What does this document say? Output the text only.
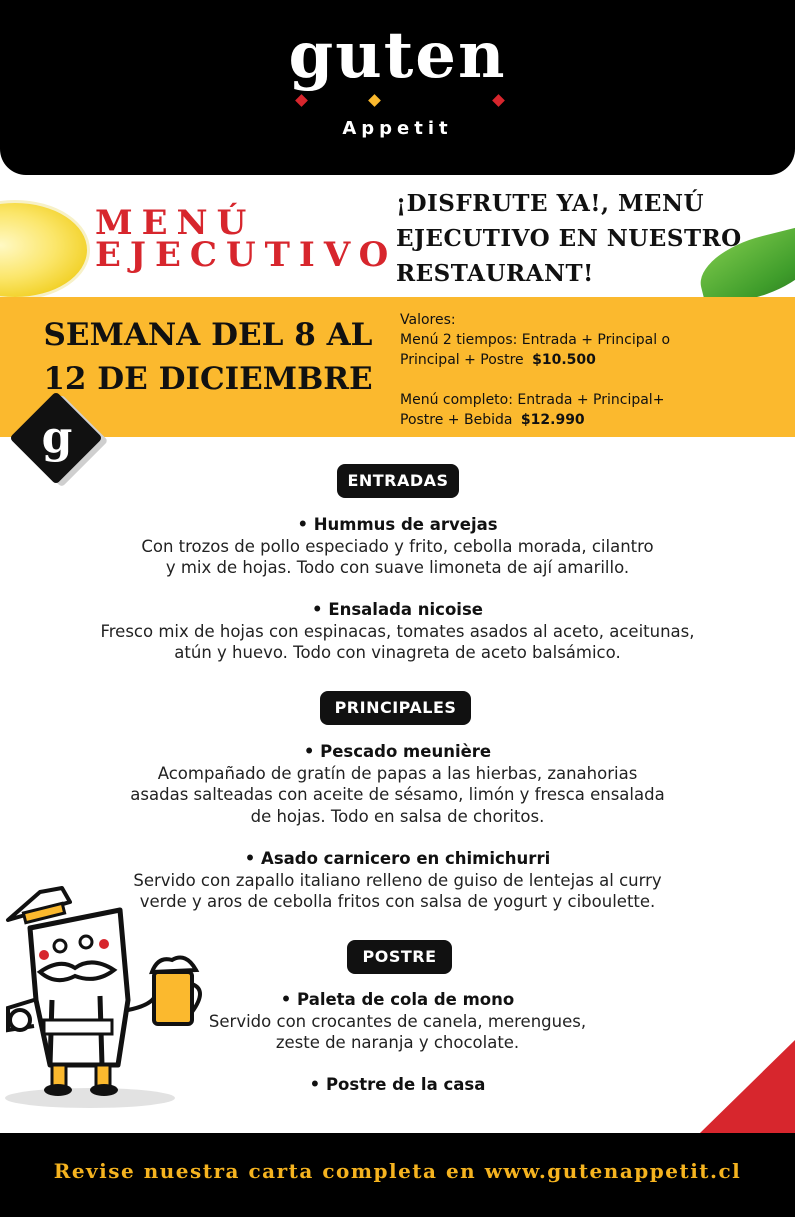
guten
Appetit
MENÚ
EJECUTIVO
¡DISFRUTE YA!, MENÚ EJECUTIVO EN NUESTRO RESTAURANT!
SEMANA DEL 8 AL
12 DE DICIEMBRE
Valores:
Menú 2 tiempos: Entrada + Principal o
Principal + Postre $10.500
Menú completo: Entrada + Principal+
Postre + Bebida $12.990
g
ENTRADAS
• Hummus de arvejas
Con trozos de pollo especiado y frito, cebolla morada, cilantro
y mix de hojas. Todo con suave limoneta de ají amarillo.
• Ensalada nicoise
Fresco mix de hojas con espinacas, tomates asados al aceto, aceitunas,
atún y huevo. Todo con vinagreta de aceto balsámico.
PRINCIPALES
• Pescado meunière
Acompañado de gratín de papas a las hierbas, zanahorias
asadas salteadas con aceite de sésamo, limón y fresca ensalada
de hojas. Todo en salsa de choritos.
• Asado carnicero en chimichurri
Servido con zapallo italiano relleno de guiso de lentejas al curry
verde y aros de cebolla fritos con salsa de yogurt y ciboulette.
POSTRE
• Paleta de cola de mono
Servido con crocantes de canela, merengues,
zeste de naranja y chocolate.
• Postre de la casa
Revise nuestra carta completa en www.gutenappetit.cl
